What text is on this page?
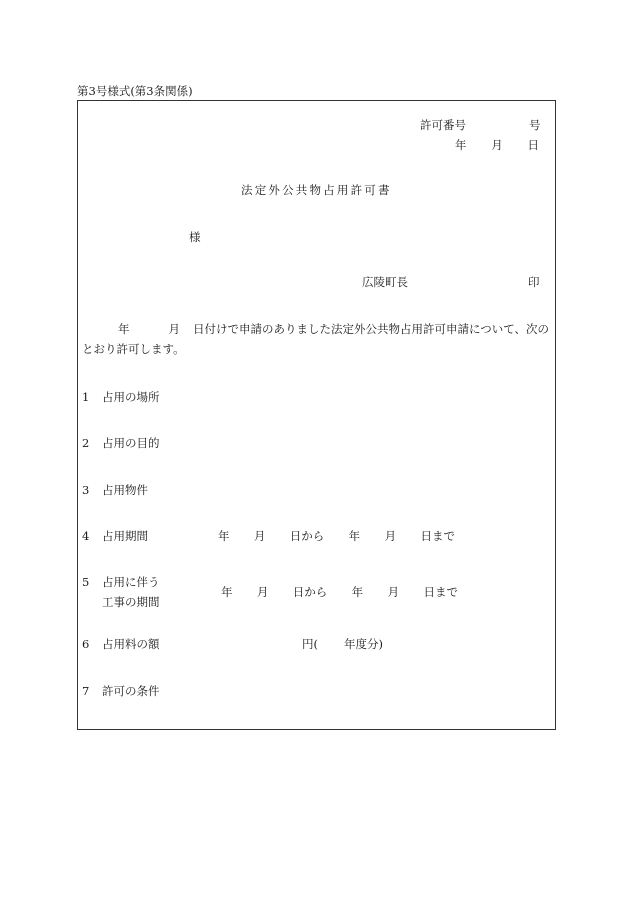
第3号様式(第3条関係)
許可番号	号
年 月 日
法定外公共物占用許可書
様
広陵町長	印
年	月 日付けで申請のありました法定外公共物占用許可申請について、次の
とおり許可します。
1 占用の場所
2 占用の目的
3 占用物件
4 占用期間	年 月 日から 年 月 日まで
5 占用に伴う
工事の期間
年 月 日から 年 月 日まで
6 占用料の額	円( 年度分)
7 許可の条件
